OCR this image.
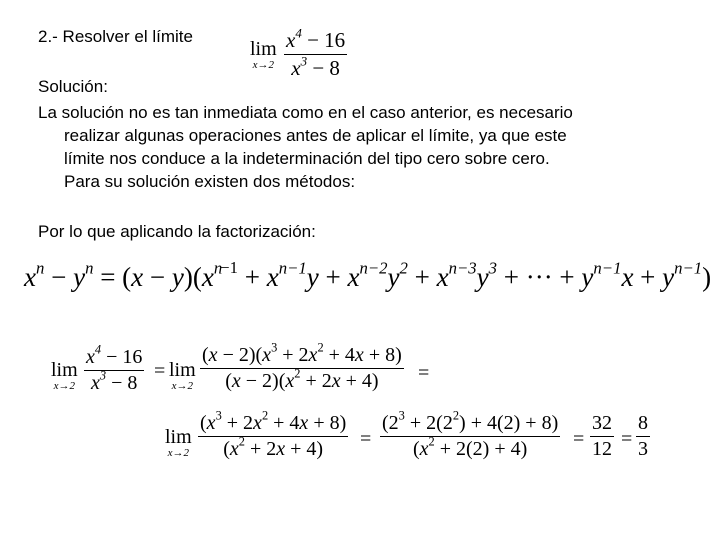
2.- Resolver el límite
lim
x→2
$x^4 - 16$
$x^3 - 8$
Solución:
La solución no es tan inmediata como en el caso anterior, es necesario
realizar algunas operaciones antes de aplicar el límite, ya que este
límite nos conduce a la indeterminación del tipo cero sobre cero.
Para su solución existen dos métodos:
Por lo que aplicando la factorización:
$x^n - y^n = (x - y)(x^{n-1} + x^{n-1}y + x^{n-2}y^2 + x^{n-3}y^3$ + ··· + $y^{n-1}x + y^{n-1}$)
lim
x→2
$x^4 - 16$
$x^3 - 8$
= lim
x→2
$(x - 2)(x^3 + 2x^2 + 4x + 8)$
$(x - 2)(x^2 + 2x + 4)$ =
lim
x→2
$(x^3 + 2x^2 + 4x + 8)$
$(x^2 + 2x + 4)$ =
$(2^3 + 2(2^2) + 4(2) + 8)$
$(x^2 + 2(2) + 4)$ =
32
12 =
8
3
